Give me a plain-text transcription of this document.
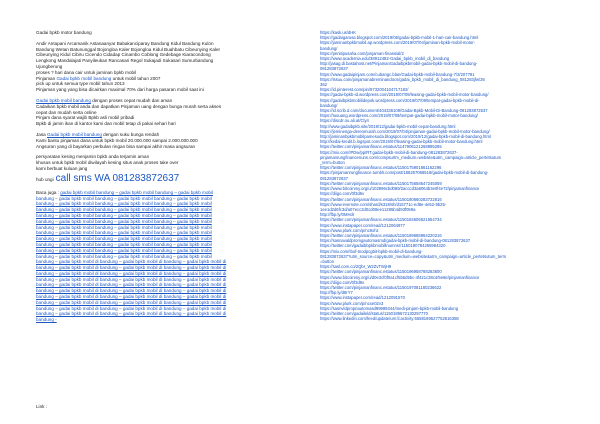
Gadai bpkb motor bandung
Andir Antapani Arcamanik Astanaanyar Babakanciparay Bandung Kidul Bandung Kulon
Bandung Wetan Batununggal Bojongloa Kaler Bojongloa Kidul Buahbatu Cibeunying Kaler
Cibeunying Kidul Cibiru Cicendo Cidadap Cinambo Coblong Gedebage Kiaracondong
Lengkong Mandalajati Panyileukan Rancasari Regol Sukajadi Sukasari Sumurbandung
Ujungberung
proses ? hari dana cair untuk jaminan bpkb mobil
Pinjaman Gadai bpkb mobil bandung untuk mobil tahun 2007
pick up untuk semua type mobil tahun 2013
Pinjaman yang yang bisa dicairkan maximal 70% dari harga pasaran mobil saat ini
Gadai bpkb mobil bandung dengan proses cepat mudah dan aman
Cadaikan bpkb mobil anda dan dapatkan Pinjaman uang dengan bunga murah serta akses
cepat dan mudah serta online
Pinjam dana syarat wajib Bpkb asli mobil pribadi
Bpkb di jamin ikan di kantor kami dan mobil tetap di pakai sehari hari
Jasa Gadai bpkb mobil bandung dengan suku bunga rendah
Kami bantu pinjaman dana untuk bpkb mobil 20.000.000 sampai 2.000.000.000
Angsuran yang di bayarkan perbulan ringan bisa sampai akhir masa angsuran
persyaratan kesing menjamin bpkb anda terjamin aman
khusus untuk bpkb mobil diwilayah kesing situs anak proses take over
kami berbuat kuluan jang
hub ungi call sms WA 081283872637
Baca juga : gadai bpkb mobil bandung – gadai bpkb mobil bandung – gadai bpkb mobil
bandung – gadai bpkb mobil bandung – gadai bpkb mobil bandung – gadai bpkb mobil
bandung – gadai bpkb mobil bandung – gadai bpkb mobil bandung – gadai bpkb mobil
bandung – gadai bpkb mobil bandung – gadai bpkb mobil bandung – gadai bpkb mobil
bandung – gadai bpkb mobil bandung – gadai bpkb mobil bandung – gadai bpkb mobil
bandung – gadai bpkb mobil bandung – gadai bpkb mobil bandung – gadai bpkb mobil
bandung – gadai bpkb mobil bandung – gadai bpkb mobil bandung – gadai bpkb mobil
bandung – gadai bpkb mobil bandung – gadai bpkb mobil bandung – gadai bpkb mobil
bandung – gadai bpkb mobil bandung – gadai bpkb mobil bandung – gadai bpkb mobil
bandung – gadai bpkb mobil bandung – gadai bpkb mobil bandung – gadai bpkb mobil
bandung – gadai bpkb mobil bandung – gadai bpkb mobil bandung – gadai bpkb mobil
bandung – gadai bpkb mobil bandung – gadai bpkb mobil bandung – gadai bpkb mobil
bandung – gadai bpkb mobil di bandung – gadai bpkb mobil di bandung – gadai bpkb mobil di
bandung – gadai bpkb mobil di bandung – gadai bpkb mobil di bandung – gadai bpkb mobil di
bandung – gadai bpkb mobil di bandung – gadai bpkb mobil di bandung – gadai bpkb mobil di
bandung – gadai bpkb mobil di bandung – gadai bpkb mobil di bandung – gadai bpkb mobil di
bandung – gadai bpkb mobil di bandung – gadai bpkb mobil di bandung – gadai bpkb mobil di
bandung – gadai bpkb mobil di bandung – gadai bpkb mobil di bandung – gadai bpkb mobil di
bandung – gadai bpkb mobil di bandung – gadai bpkb mobil di bandung – gadai bpkb mobil di
bandung – gadai bpkb mobil di bandung – gadai bpkb mobil di bandung – gadai bpkb mobil di
bandung – gadai bpkb mobil di bandung – gadai bpkb mobil di bandung – gadai bpkb mobil di
bandung – gadai bpkb mobil di bandung – gadai bpkb mobil di bandung – gadai bpkb mobil di
bandung -
Link :
https://kask.us/dHK
https://gadaigarusa.blogspot.com/2019/06/gadai-bpkb-mobil-1-hari-cair-bandung.html
https://jaminanbpkbmobil.ap.wordpress.com/2019/07/04/jaminan-bpkb-mobil-motor-
bandung/
https://penitipusaha.com/pinjaman-finansial/2
https://www.academia.edu/38912482-Gadai_bpkb_mobil_di_bandung
http://jasag.di.bastahost.net/PinjamanGadaibpkbmobil-gadai-bpkb-mobil-di-bandung-
081283872637
https://www.gadaipinjam.com/cubangc.blan/Gadai-bpkb-mobil-bandung-7/3/207791
https://issuu.com/pinjamanabreminandocs/gadai_bpkb_mobil_di_bandung_081283jfw/36
362
https://id.pinterest.com/pin/9732004104717182/
https://gadai-bpkb-id.wordpress.com/2019/07/09/leasing-gadai-bpkb-mobil-motor-bandung/
https://gadaibpkbmobilidepok.wordpress.com/2019/07/09/tempat-gadai-bpkb-mobil-di-
bandung/
https://id.scrib.d.com/document/404336109/Gadai-Bpkb-Mobil-Di-Bandung-081283872637
https://tuouang.wordpress.com/2019/07/09/tempat-gadai-bpkb-mobil-motor-bandung/
https://discdr.ou.ali.at/Cly4
http://www.gadaibpkb.site/2019/12/gadai-bpkb-mobil-cepat-bandung.html
https://jeminenga-dereomurah.com/2019/07/04/pinjaman-gadai-bpkb-mobil-motor-bandung/
http://jaminanbpkbmobilpamesuda.blogspot.com/2019/12/gadai-bpkb-mobil-di-bandung.html
http://kedai-kredit.b.logspot.com/2019/07/leasing-gadai-bpkb-mobil-motor-bandung.html
https://twitter.com/pinjamanfinanc.estatus/1147906121268895265
https://mix.com/!PDw/pp/RT.gadai-bpkb-mobil-di-bandung-081283872637-
pinjamanrungfinancenuns.com/compsurtm_medium=website&utm_campaign=article_pertetsutum
_term=button
https://twitter.com/pinjamanfinanc.estatus/1150175901861162296
https://pinjamanrungfinance.tumblr.com/post/186267068518/gadai-bpkb-mobil-di-bandung-
081283872637
https://twitter.com/pinjamanfinanc.estatus/1150175658547245059
https://www.bitcoinmy.org/u/102896cbd089/2acccd3a8064b3e0f4e72/pinjamanfinance
https://diigo.com/0f3d6v
https://twitter.com/pinjamanfinanc.estatus/1150180660283722816
https://www.evernote.com/shard/s318/sh/d15771c-ed8e-4e52-9b25-
1ee1d2d6fc3d/a07ecc2d0cd08ee11285b4d93f059a
http://fbp.ly/0MHdr
https://twitter.com/pinjamanfinanc.estatus/1150184606621654734
https://www.instapaper.com/read/1212064977
https://www.plurk.com/p/nc9xhz
https://twitter.com/pinjamanfinanc.estatus/1150189688964220216
https://sasnavaldpromgautomasmd/gadai-bpkb-mobil-di-bandung-081283872637
https://twitter.com/gadaibbpkbmobillnumnsr/1150180784265984320
https://mix.com/!bof-tnodpcgbit-bpkb-mobil-di-bandung-
081283872637?utm_source=copy&utm_medium=website&utm_campaign=article_pertetsutum_term
=button
https://sasl.com.co/2Qbr_W2ZvTWjH9
https://twitter.com/pinjamanfinanc.estatus/1150196958788283600
https://www.bitcoinmy.org/u/d0e3cf0f0a1cf5b6d5bc-4f421c38c4/5e8e/pinjamanfinance
https://diigo.com/0f3d9x
https://twitter.com/pinjamanfinanc.estatus/1150197081180236622
http://fbp.ly/d8rY7
https://www.instapaper.com/read/1212091570
https://www.plurk.com/p/ncxe02v3
https://sasnvldpropriautomasd99999344/medi-pinjam-bpkb-mobil-bandung
https://twitter.com/gadaileld/status/1150189672130297770
https://www.linkedin.com/feed/update/urn:li:activity:6558169527752616388
